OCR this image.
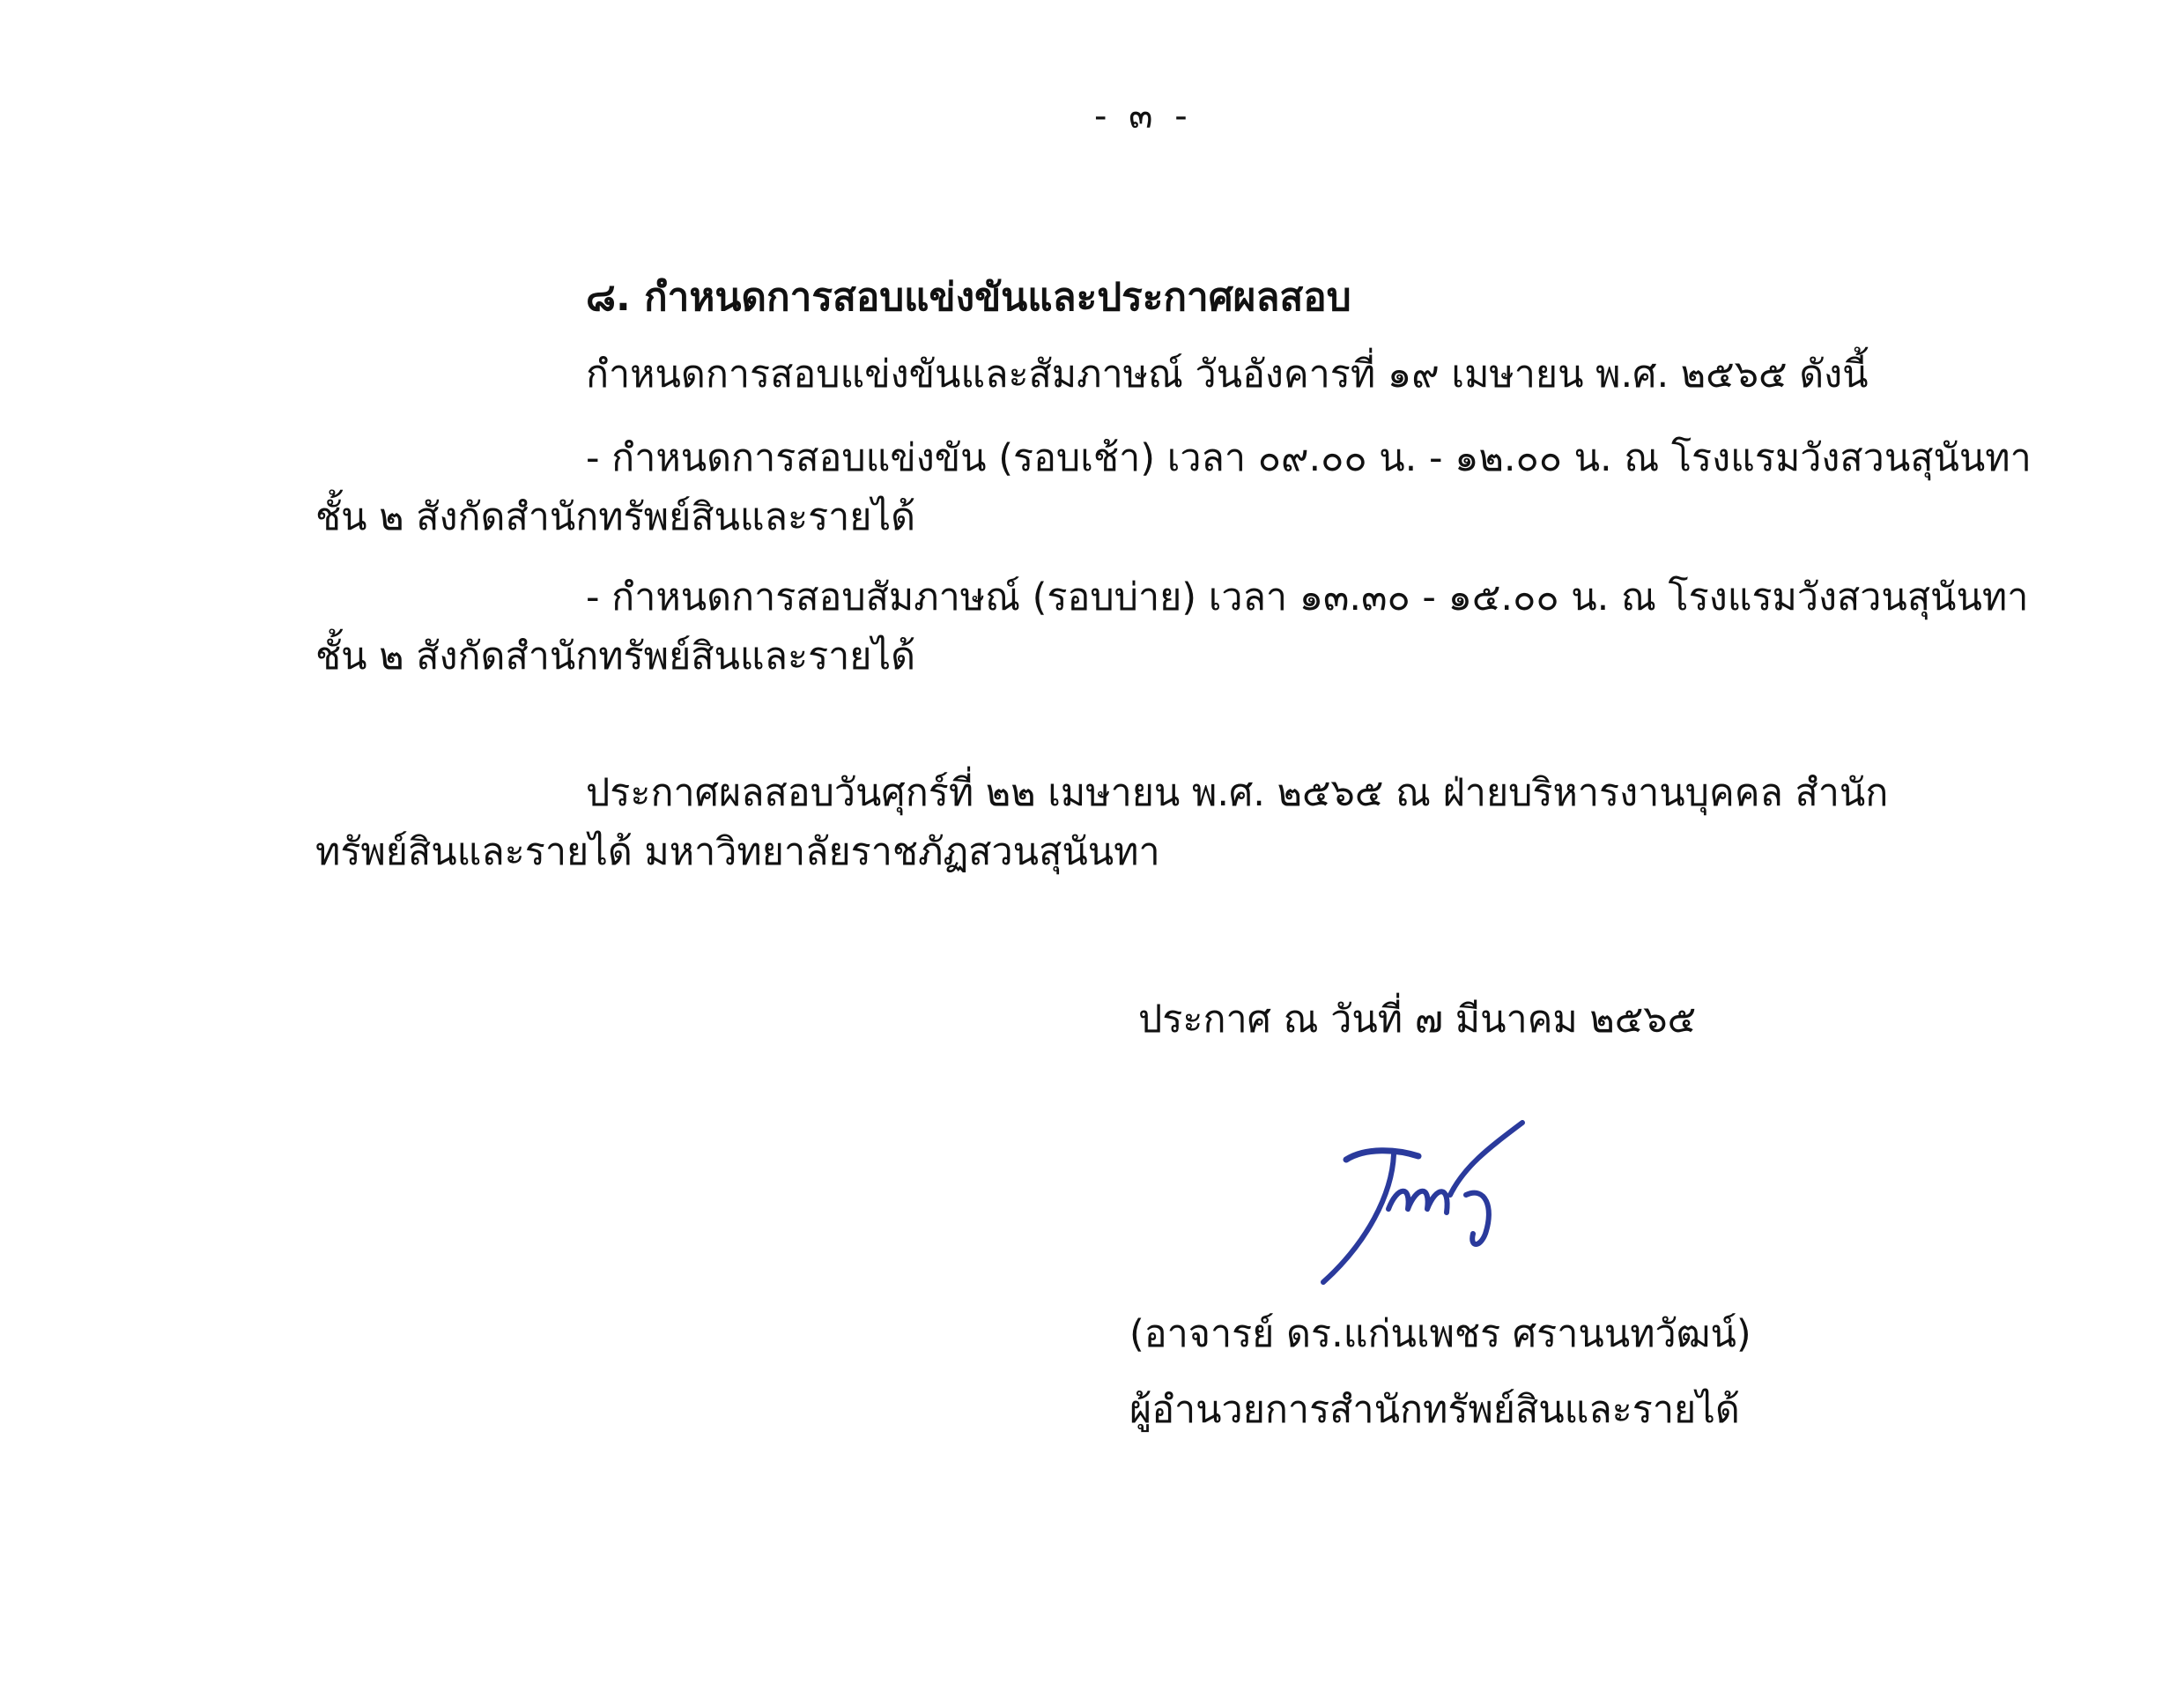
- ๓ -
๘. กำหนดการสอบแข่งขันและประกาศผลสอบ
กำหนดการสอบแข่งขันและสัมภาษณ์ วันอังคารที่ ๑๙ เมษายน พ.ศ. ๒๕๖๕ ดังนี้
- กำหนดการสอบแข่งขัน (รอบเช้า) เวลา ๐๙.๐๐ น. - ๑๒.๐๐ น. ณ โรงแรมวังสวนสุนันทา
ชั้น ๒ สังกัดสำนักทรัพย์สินและรายได้
- กำหนดการสอบสัมภาษณ์ (รอบบ่าย) เวลา ๑๓.๓๐ - ๑๕.๐๐ น. ณ โรงแรมวังสวนสุนันทา
ชั้น ๒ สังกัดสำนักทรัพย์สินและรายได้
ประกาศผลสอบวันศุกร์ที่ ๒๒ เมษายน พ.ศ. ๒๕๖๕ ณ ฝ่ายบริหารงานบุคคล สำนัก
ทรัพย์สินและรายได้ มหาวิทยาลัยราชภัฏสวนสุนันทา
ประกาศ ณ วันที่ ๗ มีนาคม ๒๕๖๕
(อาจารย์ ดร.แก่นเพชร ศรานนทวัฒน์)
ผู้อำนวยการสำนักทรัพย์สินและรายได้
